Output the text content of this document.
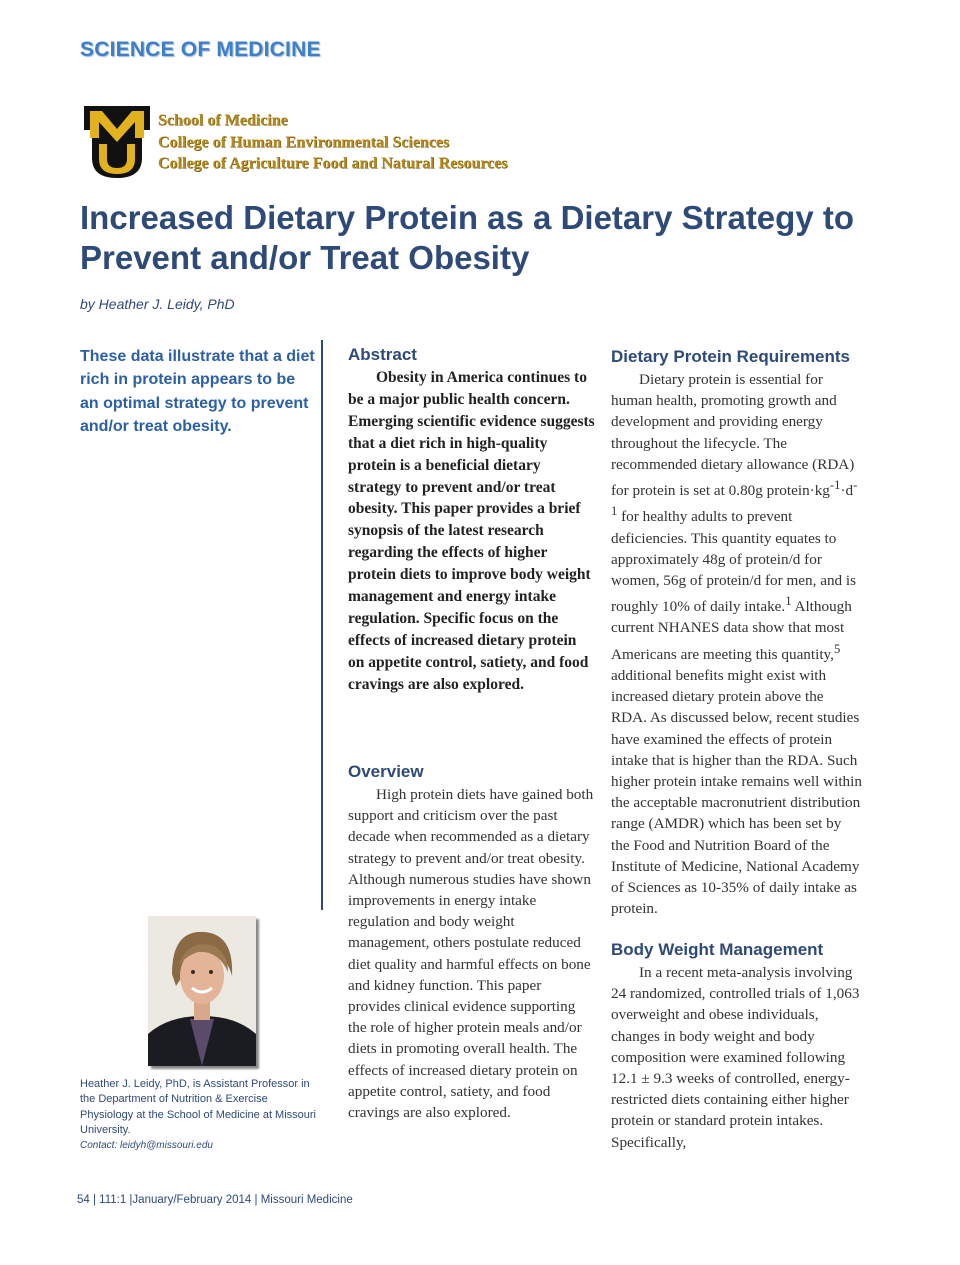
SCIENCE OF MEDICINE
MU
School of Medicine
College of Human Environmental Sciences
College of Agriculture Food and Natural Resources
Increased Dietary Protein as a Dietary Strategy to Prevent and/or Treat Obesity
by Heather J. Leidy, PhD
These data illustrate that a diet rich in protein appears to be an optimal strategy to prevent and/or treat obesity.
Heather J. Leidy, PhD, is Assistant Professor in the Department of Nutrition & Exercise Physiology at the School of Medicine at Missouri University.
Contact: leidyh@missouri.edu
Abstract

Obesity in America continues to be a major public health concern. Emerging scientific evidence suggests that a diet rich in high-quality protein is a beneficial dietary strategy to prevent and/or treat obesity. This paper provides a brief synopsis of the latest research regarding the effects of higher protein diets to improve body weight management and energy intake regulation. Specific focus on the effects of increased dietary protein on appetite control, satiety, and food cravings are also explored.

Overview

High protein diets have gained both support and criticism over the past decade when recommended as a dietary strategy to prevent and/or treat obesity. Although numerous studies have shown improvements in energy intake regulation and body weight management, others postulate reduced diet quality and harmful effects on bone and kidney function. This paper provides clinical evidence supporting the role of higher protein meals and/or diets in promoting overall health. The effects of increased dietary protein on appetite control, satiety, and food cravings are also explored.

Dietary Protein Requirements

Dietary protein is essential for human health, promoting growth and development and providing energy throughout the lifecycle. The recommended dietary allowance (RDA) for protein is set at 0.80g $protein\cdot kg^{-1}\cdot d^{-1}$ for healthy adults to prevent deficiencies. This quantity equates to approximately 48g of protein/d for women, 56g of protein/d for men, and is roughly 10% of daily intake.$^1$ Although current NHANES data show that most Americans are meeting this quantity,$^5$ additional benefits might exist with increased dietary protein above the RDA. As discussed below, recent studies have examined the effects of protein intake that is higher than the RDA. Such higher protein intake remains well within the acceptable macronutrient distribution range (AMDR) which has been set by the Food and Nutrition Board of the Institute of Medicine, National Academy of Sciences as 10-35% of daily intake as protein.

Body Weight Management

In a recent meta-analysis involving 24 randomized, controlled trials of 1,063 overweight and obese individuals, changes in body weight and body composition were examined following 12.1 ± 9.3 weeks of controlled, energy-restricted diets containing either higher protein or standard protein intakes. Specifically,

54 | 111:1 |January/February 2014 | Missouri Medicine
